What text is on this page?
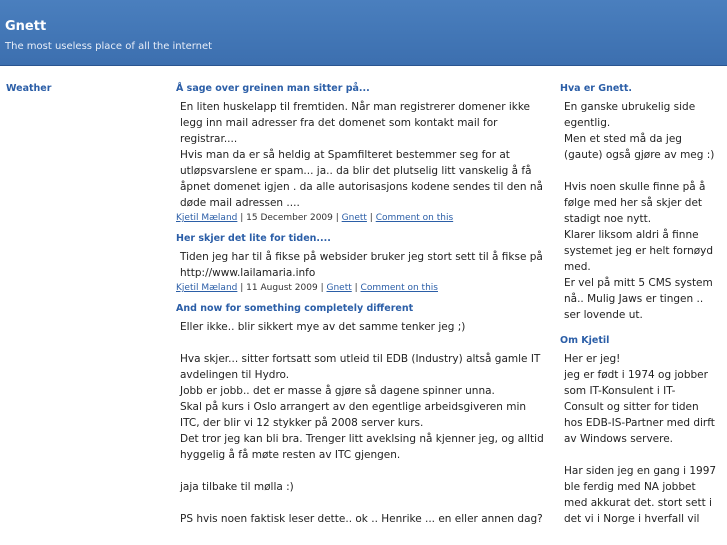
Gnett

The most useless place of all the internet

Weather	Å sage over greinen man sitter på...
En liten huskelapp til fremtiden. Når man registrerer domener ikke
legg inn mail adresser fra det domenet som kontakt mail for
registrar....
Hvis man da er så heldig at Spamfilteret bestemmer seg for at
utløpsvarslene er spam... ja.. da blir det plutselig litt vanskelig å få
åpnet domenet igjen . da alle autorisasjons kodene sendes til den nå
døde mail adressen ....

Kjetil Mæland | 15 December 2009 | Gnett | Comment on this

Her skjer det lite for tiden....
Tiden jeg har til å fikse på websider bruker jeg stort sett til å fikse på
http://www.lailamaria.info

Kjetil Mæland | 11 August 2009 | Gnett | Comment on this

And now for something completely different
Eller ikke.. blir sikkert mye av det samme tenker jeg ;)

Hva skjer... sitter fortsatt som utleid til EDB (Industry) altså gamle IT
avdelingen til Hydro.
Jobb er jobb.. det er masse å gjøre så dagene spinner unna.
Skal på kurs i Oslo arrangert av den egentlige arbeidsgiveren min
ITC, der blir vi 12 stykker på 2008 server kurs.
Det tror jeg kan bli bra. Trenger litt aveklsing nå kjenner jeg, og alltid
hyggelig å få møte resten av ITC gjengen.

jaja tilbake til mølla :)

PS hvis noen faktisk leser dette.. ok .. Henrike ... en eller annen dag?
Hva er Gnett.
En ganske ubrukelig side
egentlig.
Men et sted må da jeg
(gaute) også gjøre av meg :)

Hvis noen skulle finne på å
følge med her så skjer det
stadigt noe nytt.
Klarer liksom aldri å finne
systemet jeg er helt fornøyd
med.
Er vel på mitt 5 CMS system
nå.. Mulig Jaws er tingen ..
ser lovende ut.
Om Kjetil
Her er jeg!
jeg er født i 1974 og jobber
som IT-Konsulent i IT-
Consult og sitter for tiden
hos EDB-IS-Partner med dirft
av Windows servere.

Har siden jeg en gang i 1997
ble ferdig med NA jobbet
med akkurat det. stort sett i
det vi i Norge i hverfall vil
